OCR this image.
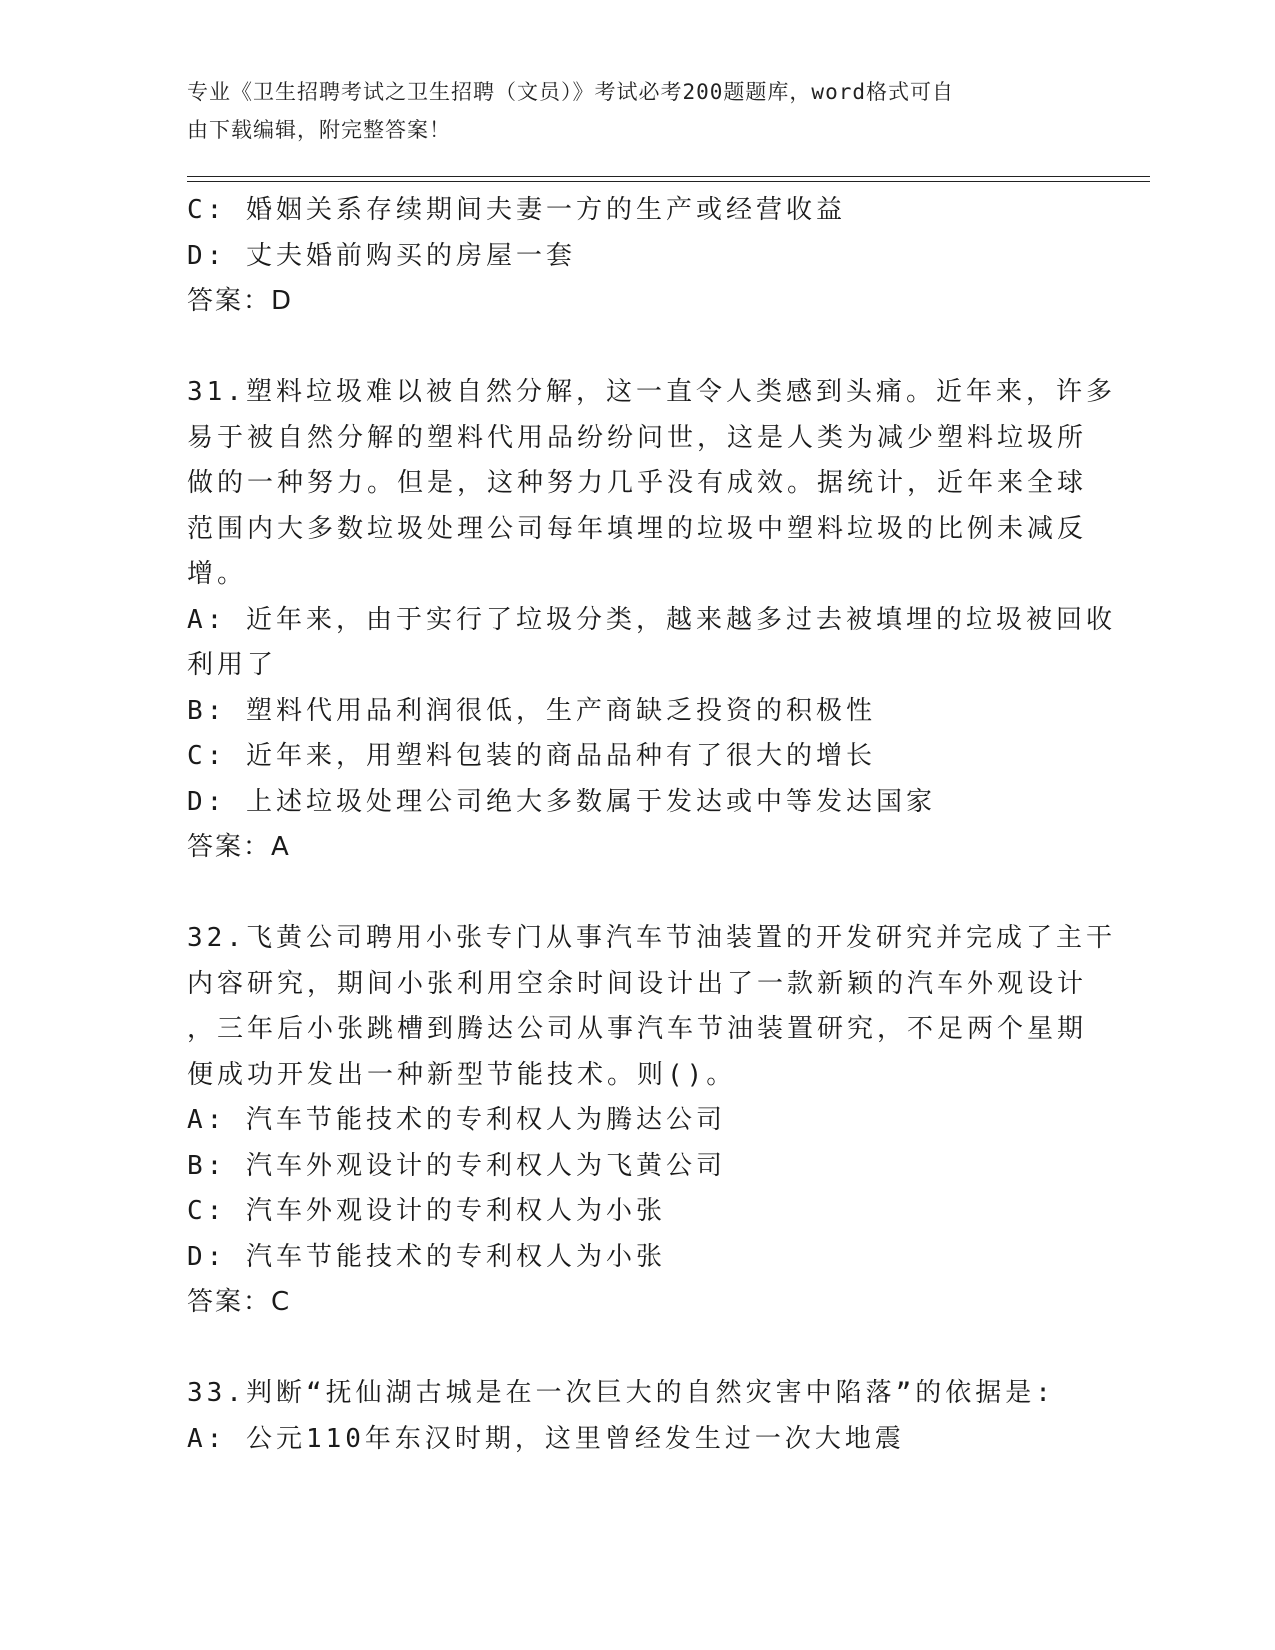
专业《卫生招聘考试之卫生招聘（文员）》考试必考200题题库，word格式可自
由下载编辑，附完整答案！
C: 婚姻关系存续期间夫妻一方的生产或经营收益
D: 丈夫婚前购买的房屋一套
答案：D
31.塑料垃圾难以被自然分解，这一直令人类感到头痛。近年来，许多
易于被自然分解的塑料代用品纷纷问世，这是人类为减少塑料垃圾所
做的一种努力。但是，这种努力几乎没有成效。据统计，近年来全球
范围内大多数垃圾处理公司每年填埋的垃圾中塑料垃圾的比例未减反
增。
A: 近年来，由于实行了垃圾分类，越来越多过去被填埋的垃圾被回收
利用了
B: 塑料代用品利润很低，生产商缺乏投资的积极性
C: 近年来，用塑料包装的商品品种有了很大的增长
D: 上述垃圾处理公司绝大多数属于发达或中等发达国家
答案：A
32.飞黄公司聘用小张专门从事汽车节油装置的开发研究并完成了主干
内容研究，期间小张利用空余时间设计出了一款新颖的汽车外观设计
，三年后小张跳槽到腾达公司从事汽车节油装置研究，不足两个星期
便成功开发出一种新型节能技术。则()。
A: 汽车节能技术的专利权人为腾达公司
B: 汽车外观设计的专利权人为飞黄公司
C: 汽车外观设计的专利权人为小张
D: 汽车节能技术的专利权人为小张
答案：C
33.判断“抚仙湖古城是在一次巨大的自然灾害中陷落”的依据是:
A: 公元110年东汉时期，这里曾经发生过一次大地震
